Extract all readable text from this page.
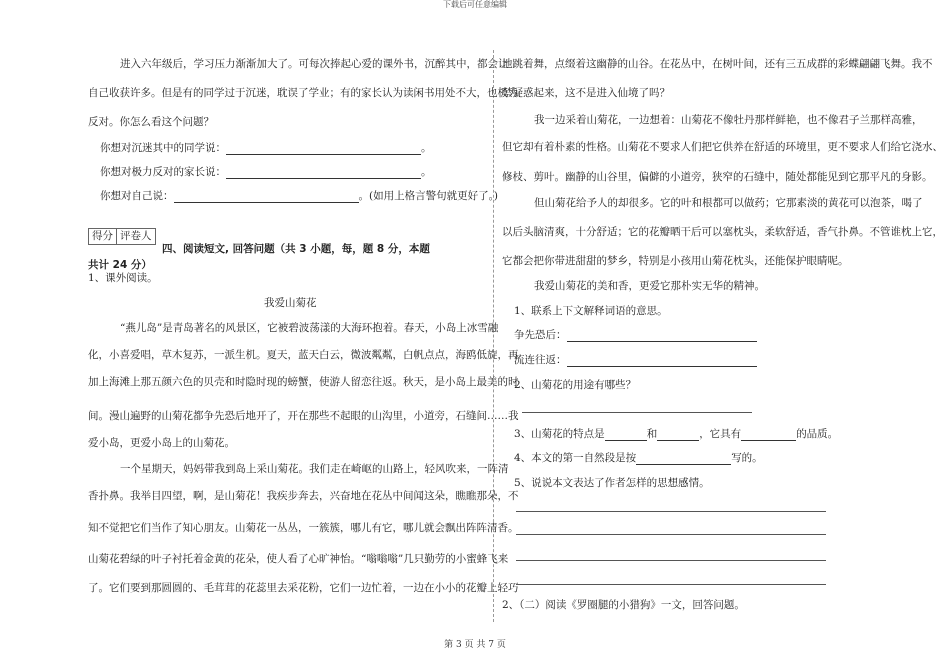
下载后可任意编辑
进入六年级后，学习压力渐渐加大了。可每次捧起心爱的课外书，沉醉其中，都会让
自己收获许多。但是有的同学过于沉迷，耽误了学业；有的家长认为读闲书用处不大，也极力
反对。你怎么看这个问题？
你想对沉迷其中的同学说：	。
你想对极力反对的家长说：	。
你想对自己说：	。(如用上格言警句就更好了。)
得分 评卷人
四、阅读短文, 回答问题（共 3 小题，每，题 8 分，本题
共计 24 分）
1、课外阅读。
我爱山菊花
“燕儿岛”是青岛著名的风景区，它被碧波荡漾的大海环抱着。春天，小岛上冰雪融
化，小喜爱唱，草木复苏，一派生机。夏天，蓝天白云，微波粼粼，白帆点点，海鸥低旋，再
加上海滩上那五颜六色的贝壳和时隐时现的螃蟹，使游人留恋往返。秋天，是小岛上最美的时
间。漫山遍野的山菊花都争先恐后地开了，开在那些不起眼的山沟里，小道旁，石缝间……我
爱小岛，更爱小岛上的山菊花。
一个星期天，妈妈带我到岛上采山菊花。我们走在崎岖的山路上，轻风吹来，一阵清
香扑鼻。我举目四望，啊，是山菊花！我疾步奔去，兴奋地在花丛中间闻这朵，瞧瞧那朵，不
知不觉把它们当作了知心朋友。山菊花一丛丛，一簇簇，哪儿有它，哪儿就会飘出阵阵清香。
山菊花碧绿的叶子衬托着金黄的花朵，使人看了心旷神怡。“嗡嗡嗡”几只勤劳的小蜜蜂飞来
了。它们要到那圆圆的、毛茸茸的花蕊里去采花粉，它们一边忙着，一边在小小的花瓣上轻巧
地跳着舞，点缀着这幽静的山谷。在花丛中，在树叶间，还有三五成群的彩蝶翩翩飞舞。我不
禁疑惑起来，这不是进入仙境了吗？
我一边采着山菊花，一边想着：山菊花不像牡丹那样鲜艳，也不像君子兰那样高雅，
但它却有着朴素的性格。山菊花不要求人们把它供养在舒适的环境里，更不要求人们给它浇水、
修枝、剪叶。幽静的山谷里，偏僻的小道旁，狭窄的石缝中，随处都能见到它那平凡的身影。
但山菊花给予人的却很多。它的叶和根都可以做药；它那素淡的黄花可以泡茶，喝了
以后头脑清爽，十分舒适；它的花瓣晒干后可以塞枕头，柔软舒适，香气扑鼻。不管谁枕上它，
它都会把你带进甜甜的梦乡，特别是小孩用山菊花枕头，还能保护眼睛呢。
我爱山菊花的美和香，更爱它那朴实无华的精神。
1、联系上下文解释词语的意思。
争先恐后：
流连往返：
2、山菊花的用途有哪些？
3、山菊花的特点是	和	，它具有	的品质。
4、本文的第一自然段是按	写的。
5、说说本文表达了作者怎样的思想感情。
2、（二）阅读《罗圈腿的小猎狗》一文，回答问题。
第 3 页 共 7 页
